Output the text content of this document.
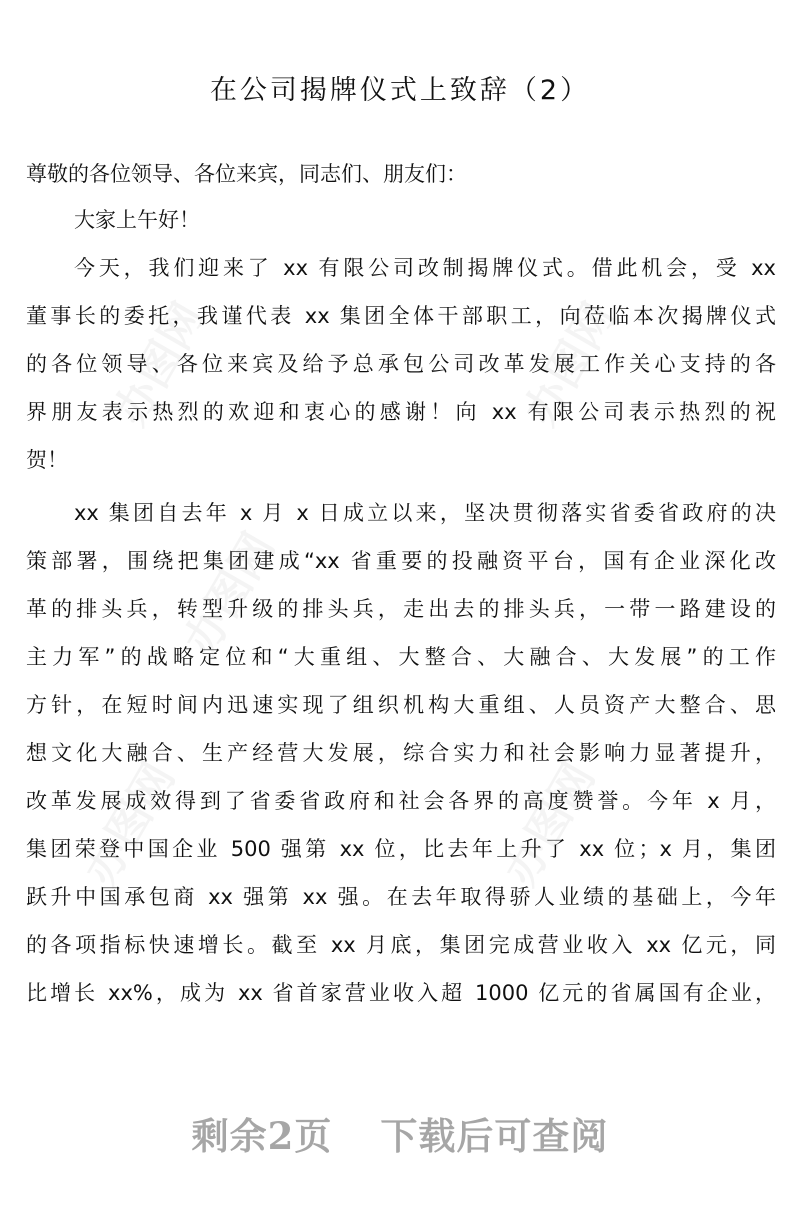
在公司揭牌仪式上致辞（2）
尊敬的各位领导、各位来宾，同志们、朋友们：
大家上午好！
今天，我们迎来了 xx 有限公司改制揭牌仪式。借此机会，受 xx
董事长的委托，我谨代表 xx 集团全体干部职工，向莅临本次揭牌仪式
的各位领导、各位来宾及给予总承包公司改革发展工作关心支持的各
界朋友表示热烈的欢迎和衷心的感谢！向 xx 有限公司表示热烈的祝
贺！
xx 集团自去年 x 月 x 日成立以来，坚决贯彻落实省委省政府的决
策部署，围绕把集团建成“xx 省重要的投融资平台，国有企业深化改
革的排头兵，转型升级的排头兵，走出去的排头兵，一带一路建设的
主力军”的战略定位和“大重组、大整合、大融合、大发展”的工作
方针，在短时间内迅速实现了组织机构大重组、人员资产大整合、思
想文化大融合、生产经营大发展，综合实力和社会影响力显著提升，
改革发展成效得到了省委省政府和社会各界的高度赞誉。今年 x 月，
集团荣登中国企业 500 强第 xx 位，比去年上升了 xx 位；x 月，集团
跃升中国承包商 xx 强第 xx 强。在去年取得骄人业绩的基础上，今年
的各项指标快速增长。截至 xx 月底，集团完成营业收入 xx 亿元，同
比增长 xx%，成为 xx 省首家营业收入超 1000 亿元的省属国有企业，
剩余2页 下载后可查阅
